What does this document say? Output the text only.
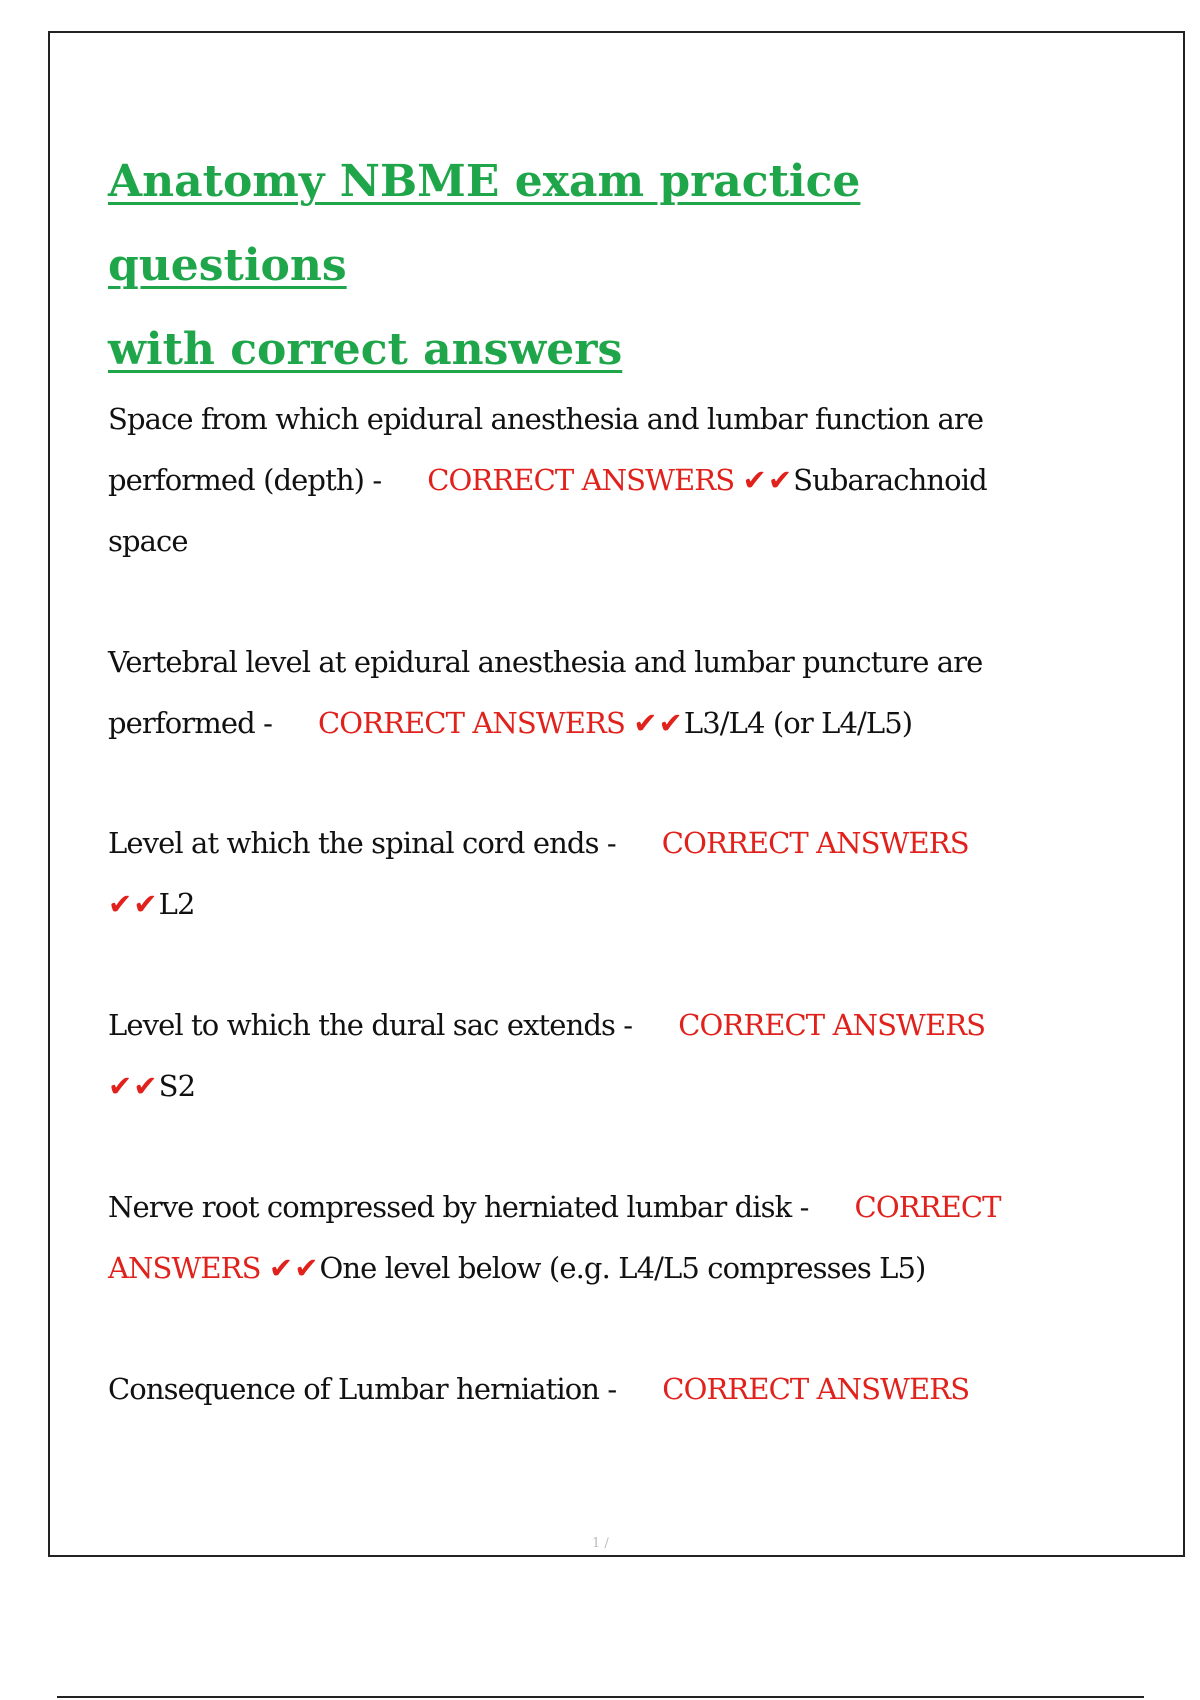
Anatomy NBME exam practice questions
with correct answers
Space from which epidural anesthesia and lumbar function are performed (depth) - CORRECT ANSWERS ✔✔Subarachnoid space
Vertebral level at epidural anesthesia and lumbar puncture are performed - CORRECT ANSWERS ✔✔L3/L4 (or L4/L5)
Level at which the spinal cord ends - CORRECT ANSWERS ✔✔L2
Level to which the dural sac extends - CORRECT ANSWERS ✔✔S2
Nerve root compressed by herniated lumbar disk - CORRECT ANSWERS ✔✔One level below (e.g. L4/L5 compresses L5)
Consequence of Lumbar herniation - CORRECT ANSWERS
1 /
